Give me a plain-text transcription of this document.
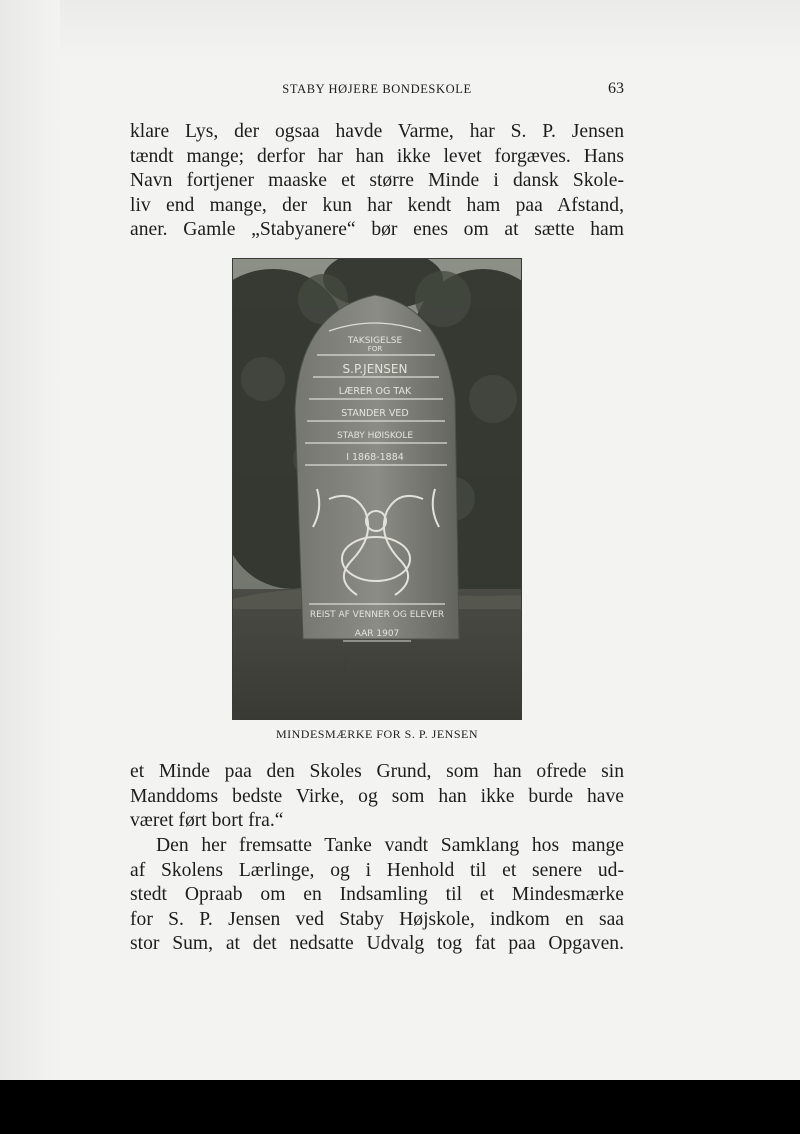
STABY HØJERE BONDESKOLE	63

klare Lys, der ogsaa havde Varme, har S. P. Jensen
tændt mange; derfor har han ikke levet forgæves. Hans
Navn fortjener maaske et større Minde i dansk Skole-
liv end mange, der kun har kendt ham paa Afstand,
aner. Gamle „Stabyanere“ bør enes om at sætte ham

TAKSIGELSE
FOR
S.P.JENSEN
LÆRER OG TAK
STANDER VED
STABY HØISKOLE
I 1868-1884
REIST AF VENNER OG ELEVER
AAR 1907
MINDESMÆRKE FOR S. P. JENSEN

et Minde paa den Skoles Grund, som han ofrede sin
Manddoms bedste Virke, og som han ikke burde have
været ført bort fra.“

Den her fremsatte Tanke vandt Samklang hos mange
af Skolens Lærlinge, og i Henhold til et senere ud-
stedt Opraab om en Indsamling til et Mindesmærke
for S. P. Jensen ved Staby Højskole, indkom en saa
stor Sum, at det nedsatte Udvalg tog fat paa Opgaven.
